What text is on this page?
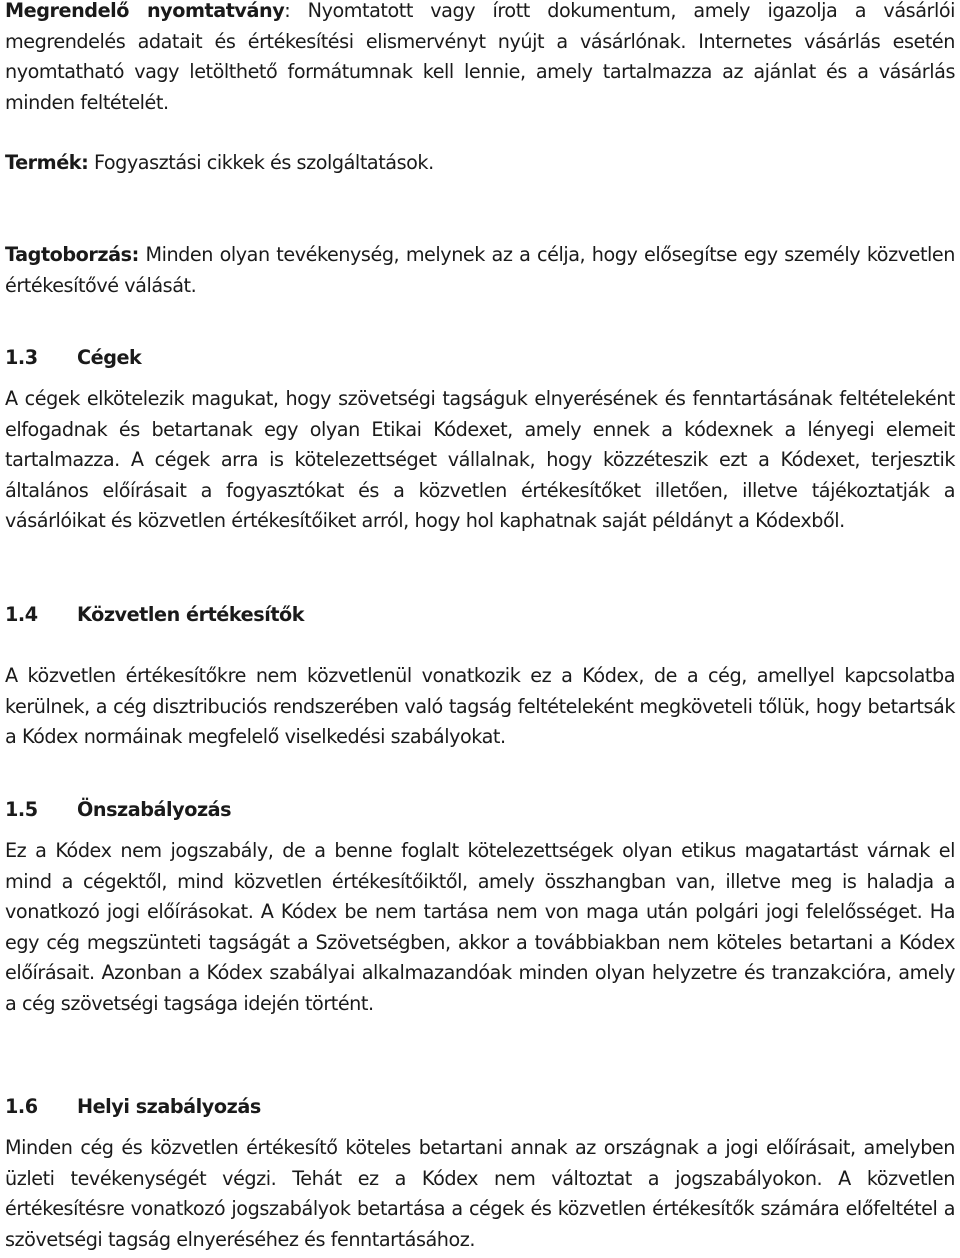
Megrendelő nyomtatvány: Nyomtatott vagy írott dokumentum, amely igazolja a vásárlói megrendelés adatait és értékesítési elismervényt nyújt a vásárlónak. Internetes vásárlás esetén nyomtatható vagy letölthető formátumnak kell lennie, amely tartalmazza az ajánlat és a vásárlás minden feltételét.

Termék: Fogyasztási cikkek és szolgáltatások.

Tagtoborzás: Minden olyan tevékenység, melynek az a célja, hogy elősegítse egy személy közvetlen értékesítővé válását.

1.3 Cégek

A cégek elkötelezik magukat, hogy szövetségi tagságuk elnyerésének és fenntartásának feltételeként elfogadnak és betartanak egy olyan Etikai Kódexet, amely ennek a kódexnek a lényegi elemeit tartalmazza. A cégek arra is kötelezettséget vállalnak, hogy közzéteszik ezt a Kódexet, terjesztik általános előírásait a fogyasztókat és a közvetlen értékesítőket illetően, illetve tájékoztatják a vásárlóikat és közvetlen értékesítőiket arról, hogy hol kaphatnak saját példányt a Kódexből.

1.4 Közvetlen értékesítők

A közvetlen értékesítőkre nem közvetlenül vonatkozik ez a Kódex, de a cég, amellyel kapcsolatba kerülnek, a cég disztribuciós rendszerében való tagság feltételeként megköveteli tőlük, hogy betartsák a Kódex normáinak megfelelő viselkedési szabályokat.

1.5 Önszabályozás

Ez a Kódex nem jogszabály, de a benne foglalt kötelezettségek olyan etikus magatartást várnak el mind a cégektől, mind közvetlen értékesítőiktől, amely összhangban van, illetve meg is haladja a vonatkozó jogi előírásokat. A Kódex be nem tartása nem von maga után polgári jogi felelősséget. Ha egy cég megszünteti tagságát a Szövetségben, akkor a továbbiakban nem köteles betartani a Kódex előírásait. Azonban a Kódex szabályai alkalmazandóak minden olyan helyzetre és tranzakcióra, amely a cég szövetségi tagsága idején történt.

1.6 Helyi szabályozás

Minden cég és közvetlen értékesítő köteles betartani annak az országnak a jogi előírásait, amelyben üzleti tevékenységét végzi. Tehát ez a Kódex nem változtat a jogszabályokon. A közvetlen értékesítésre vonatkozó jogszabályok betartása a cégek és közvetlen értékesítők számára előfeltétel a szövetségi tagság elnyeréséhez és fenntartásához.
